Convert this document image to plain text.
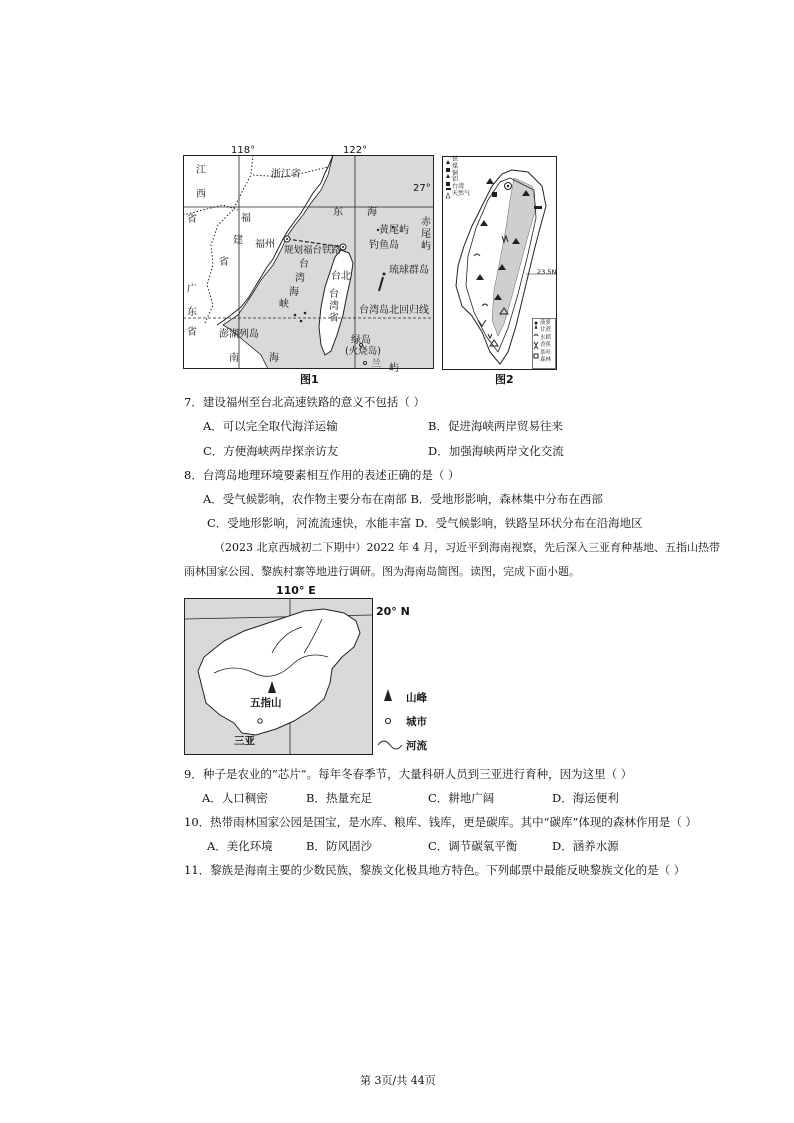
118°	122°
27°
江
西
省
浙江省
福
建
省
福州
规划福台铁路
东 海
黄尾屿
钓鱼岛
赤
尾
屿
台
湾
海
峡
台北
台
湾
省
琉球群岛
广
东
省 澎湖列岛
台湾岛 北回归线
南	海
绿岛
(火烧岛)
兰 屿
图1
铁
煤
铜
铝
台湾
天然气
菠萝
甘蔗
水稻
香蕉
茶叶
森林
23.5N
图2
7．建设福州至台北高速铁路的意义不包括（ ）
A．可以完全取代海洋运输	B．促进海峡两岸贸易往来
C．方便海峡两岸探亲访友	D．加强海峡两岸文化交流
8．台湾岛地理环境要素相互作用的表述正确的是（ ）
A．受气候影响，农作物主要分布在南部 B．受地形影响，森林集中分布在西部
C．受地形影响，河流流速快，水能丰富 D．受气候影响，铁路呈环状分布在沿海地区
（2023 北京西城初二下期中）2022 年 4 月，习近平到海南视察，先后深入三亚育种基地、五指山热带
雨林国家公园、黎族村寨等地进行调研。图为海南岛简图。读图，完成下面小题。
110° E
20° N
五指山
三亚
山峰
城市
河流
9．种子是农业的“芯片”。每年冬春季节，大量科研人员到三亚进行育种，因为这里（ ）
A．人口稠密	B．热量充足	C．耕地广阔	D．海运便利
10．热带雨林国家公园是国宝，是水库、粮库、钱库，更是碳库。其中“碳库”体现的森林作用是（ ）
A．美化环境	B．防风固沙	C．调节碳氧平衡	D．涵养水源
11．黎族是海南主要的少数民族，黎族文化极具地方特色。下列邮票中最能反映黎族文化的是（ ）
第 3页/共 44页
